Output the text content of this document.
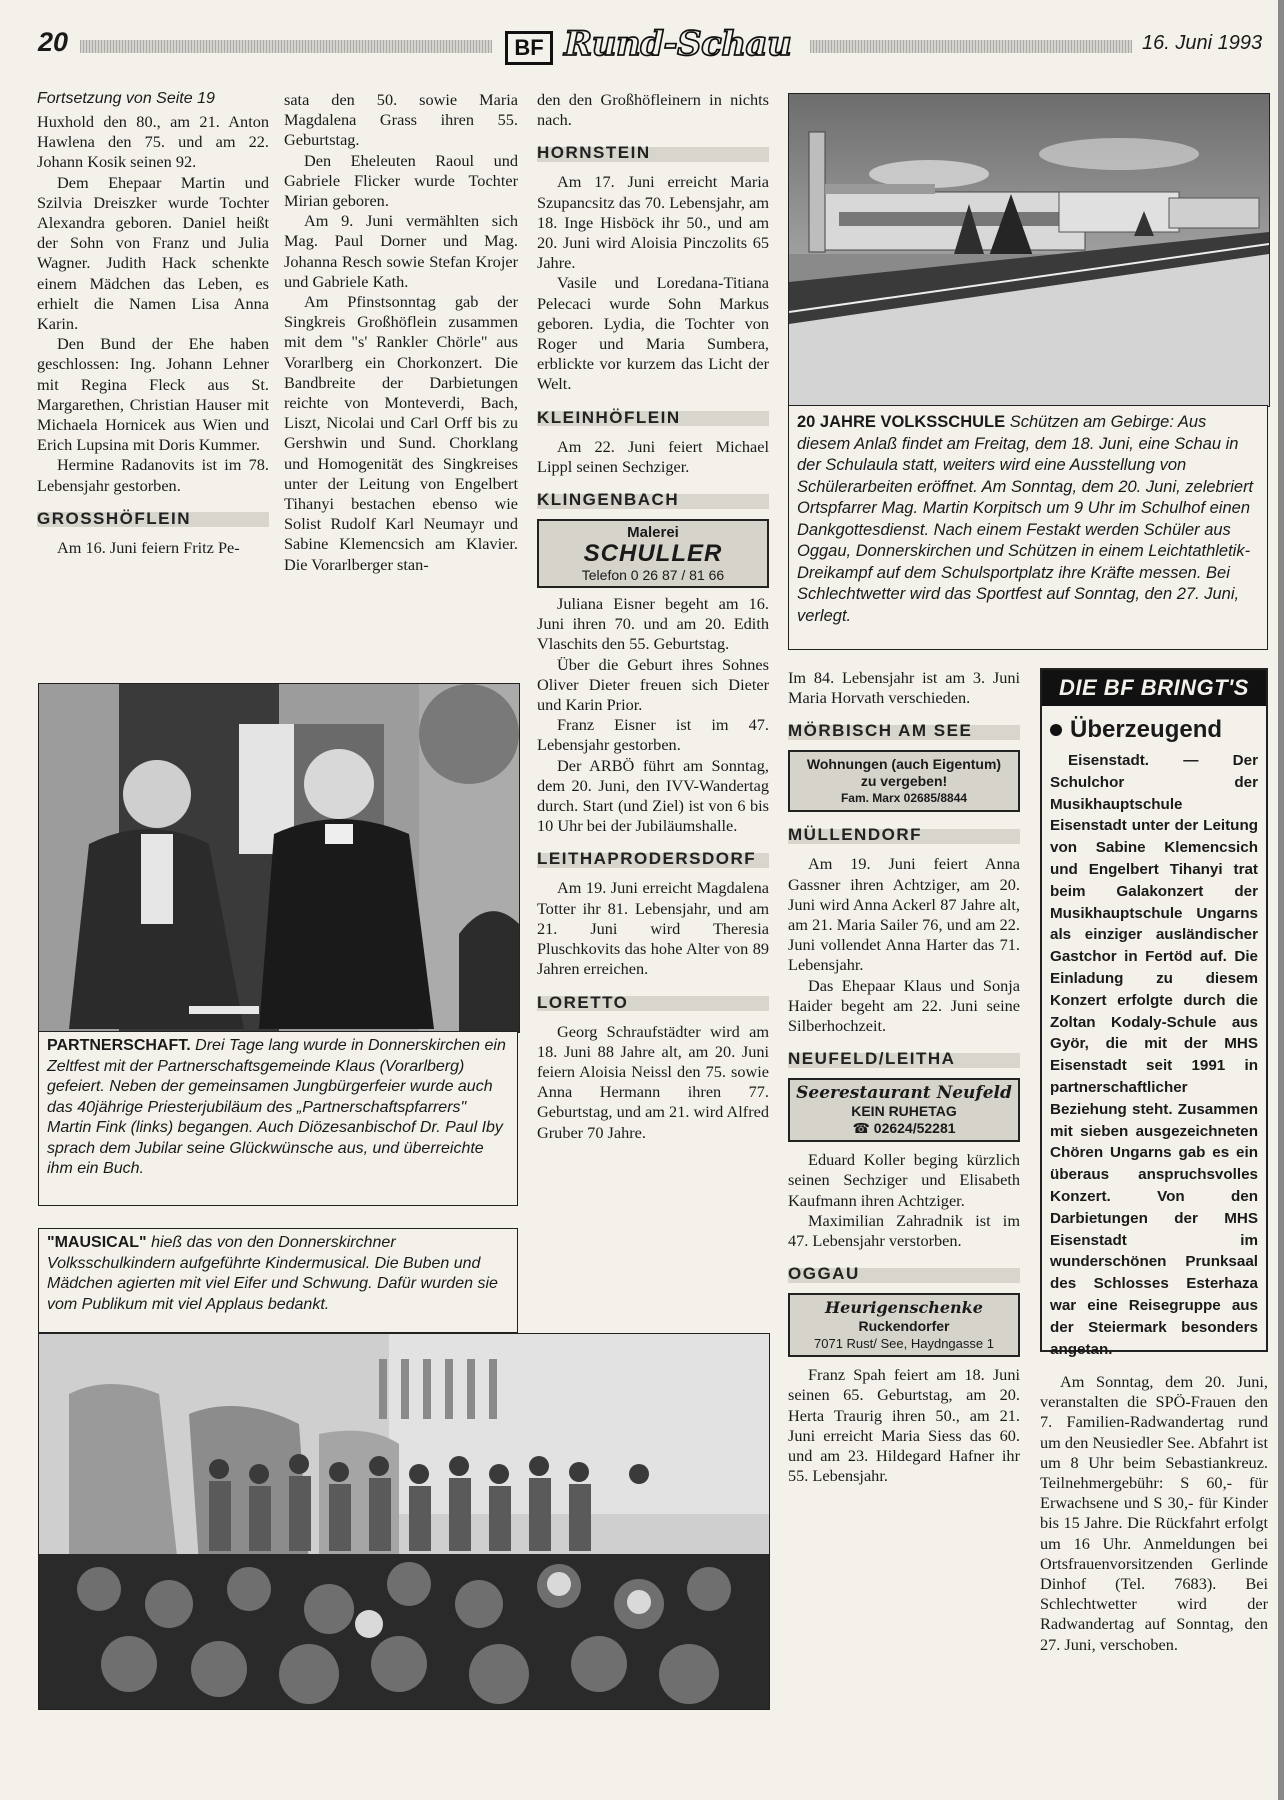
20	BF Rund-Schau	16. Juni 1993

Fortsetzung von Seite 19

Huxhold den 80., am 21. Anton Hawlena den 75. und am 22. Johann Kosik seinen 92.

Dem Ehepaar Martin und Szilvia Dreiszker wurde Tochter Alexandra geboren. Daniel heißt der Sohn von Franz und Julia Wagner. Judith Hack schenkte einem Mädchen das Leben, es erhielt die Namen Lisa Anna Karin.

Den Bund der Ehe haben geschlossen: Ing. Johann Lehner mit Regina Fleck aus St. Margarethen, Christian Hauser mit Michaela Hornicek aus Wien und Erich Lupsina mit Doris Kummer.

Hermine Radanovits ist im 78. Lebensjahr gestorben.

GROSSHÖFLEIN

Am 16. Juni feiern Fritz Pe-

sata den 50. sowie Maria Magdalena Grass ihren 55. Geburtstag.

Den Eheleuten Raoul und Gabriele Flicker wurde Tochter Mirian geboren.

Am 9. Juni vermählten sich Mag. Paul Dorner und Mag. Johanna Resch sowie Stefan Krojer und Gabriele Kath.

Am Pfinstsonntag gab der Singkreis Großhöflein zusammen mit dem "s' Rankler Chörle" aus Vorarlberg ein Chorkonzert. Die Bandbreite der Darbietungen reichte von Monteverdi, Bach, Liszt, Nicolai und Carl Orff bis zu Gershwin und Sund. Chorklang und Homogenität des Singkreises unter der Leitung von Engelbert Tihanyi bestachen ebenso wie Solist Rudolf Karl Neumayr und Sabine Klemencsich am Klavier. Die Vorarlberger stan-

den den Großhöfleinern in nichts nach.

HORNSTEIN

Am 17. Juni erreicht Maria Szupancsitz das 70. Lebensjahr, am 18. Inge Hisböck ihr 50., und am 20. Juni wird Aloisia Pinczolits 65 Jahre.

Vasile und Loredana-Titiana Pelecaci wurde Sohn Markus geboren. Lydia, die Tochter von Roger und Maria Sumbera, erblickte vor kurzem das Licht der Welt.

KLEINHÖFLEIN

Am 22. Juni feiert Michael Lippl seinen Sechziger.

KLINGENBACH
Malerei
SCHULLER
Telefon 0 26 87 / 81 66

Juliana Eisner begeht am 16. Juni ihren 70. und am 20. Edith Vlaschits den 55. Geburtstag.

Über die Geburt ihres Sohnes Oliver Dieter freuen sich Dieter und Karin Prior.

Franz Eisner ist im 47. Lebensjahr gestorben.

Der ARBÖ führt am Sonntag, dem 20. Juni, den IVV-Wandertag durch. Start (und Ziel) ist von 6 bis 10 Uhr bei der Jubiläumshalle.

LEITHAPRODERSDORF

Am 19. Juni erreicht Magdalena Totter ihr 81. Lebensjahr, und am 21. Juni wird Theresia Pluschkovits das hohe Alter von 89 Jahren erreichen.

LORETTO

Georg Schraufstädter wird am 18. Juni 88 Jahre alt, am 20. Juni feiern Aloisia Neissl den 75. sowie Anna Hermann ihren 77. Geburtstag, und am 21. wird Alfred Gruber 70 Jahre.

20 JAHRE VOLKSSCHULE Schützen am Gebirge: Aus diesem Anlaß findet am Freitag, dem 18. Juni, eine Schau in der Schulaula statt, weiters wird eine Ausstellung von Schülerarbeiten eröffnet. Am Sonntag, dem 20. Juni, zelebriert Ortspfarrer Mag. Martin Korpitsch um 9 Uhr im Schulhof einen Dankgottesdienst. Nach einem Festakt werden Schüler aus Oggau, Donnerskirchen und Schützen in einem Leichtathletik-Dreikampf auf dem Schulsportplatz ihre Kräfte messen. Bei Schlechtwetter wird das Sportfest auf Sonntag, den 27. Juni, verlegt.
PARTNERSCHAFT. Drei Tage lang wurde in Donnerskirchen ein Zeltfest mit der Partnerschaftsgemeinde Klaus (Vorarlberg) gefeiert. Neben der gemeinsamen Jungbürgerfeier wurde auch das 40jährige Priesterjubiläum des „Partnerschaftspfarrers" Martin Fink (links) begangen. Auch Diözesanbischof Dr. Paul Iby sprach dem Jubilar seine Glückwünsche aus, und überreichte ihm ein Buch.
"MAUSICAL" hieß das von den Donnerskirchner Volksschulkindern aufgeführte Kindermusical. Die Buben und Mädchen agierten mit viel Eifer und Schwung. Dafür wurden sie vom Publikum mit viel Applaus bedankt.

Im 84. Lebensjahr ist am 3. Juni Maria Horvath verschieden.

MÖRBISCH AM SEE
Wohnungen (auch Eigentum)
zu vergeben!
Fam. Marx 02685/8844
MÜLLENDORF

Am 19. Juni feiert Anna Gassner ihren Achtziger, am 20. Juni wird Anna Ackerl 87 Jahre alt, am 21. Maria Sailer 76, und am 22. Juni vollendet Anna Harter das 71. Lebensjahr.

Das Ehepaar Klaus und Sonja Haider begeht am 22. Juni seine Silberhochzeit.

NEUFELD/LEITHA
Seerestaurant Neufeld
KEIN RUHETAG
☎ 02624/52281

Eduard Koller beging kürzlich seinen Sechziger und Elisabeth Kaufmann ihren Achtziger.

Maximilian Zahradnik ist im 47. Lebensjahr verstorben.

OGGAU
Heurigenschenke
Ruckendorfer
7071 Rust/ See, Haydngasse 1

Franz Spah feiert am 18. Juni seinen 65. Geburtstag, am 20. Herta Traurig ihren 50., am 21. Juni erreicht Maria Siess das 60. und am 23. Hildegard Hafner ihr 55. Lebensjahr.

DIE BF BRINGT'S
Überzeugend

Eisenstadt. — Der Schulchor der Musikhauptschule Eisenstadt unter der Leitung von Sabine Klemencsich und Engelbert Tihanyi trat beim Galakonzert der Musikhauptschule Ungarns als einziger ausländischer Gastchor in Fertöd auf. Die Einladung zu diesem Konzert erfolgte durch die Zoltan Kodaly-Schule aus Györ, die mit der MHS Eisenstadt seit 1991 in partnerschaftlicher Beziehung steht. Zusammen mit sieben ausgezeichneten Chören Ungarns gab es ein überaus anspruchsvolles Konzert. Von den Darbietungen der MHS Eisenstadt im wunderschönen Prunksaal des Schlosses Esterhaza war eine Reisegruppe aus der Steiermark besonders angetan.

Am Sonntag, dem 20. Juni, veranstalten die SPÖ-Frauen den 7. Familien-Radwandertag rund um den Neusiedler See. Abfahrt ist um 8 Uhr beim Sebastiankreuz. Teilnehmergebühr: S 60,- für Erwachsene und S 30,- für Kinder bis 15 Jahre. Die Rückfahrt erfolgt um 16 Uhr. Anmeldungen bei Ortsfrauenvorsitzenden Gerlinde Dinhof (Tel. 7683). Bei Schlechtwetter wird der Radwandertag auf Sonntag, den 27. Juni, verschoben.
